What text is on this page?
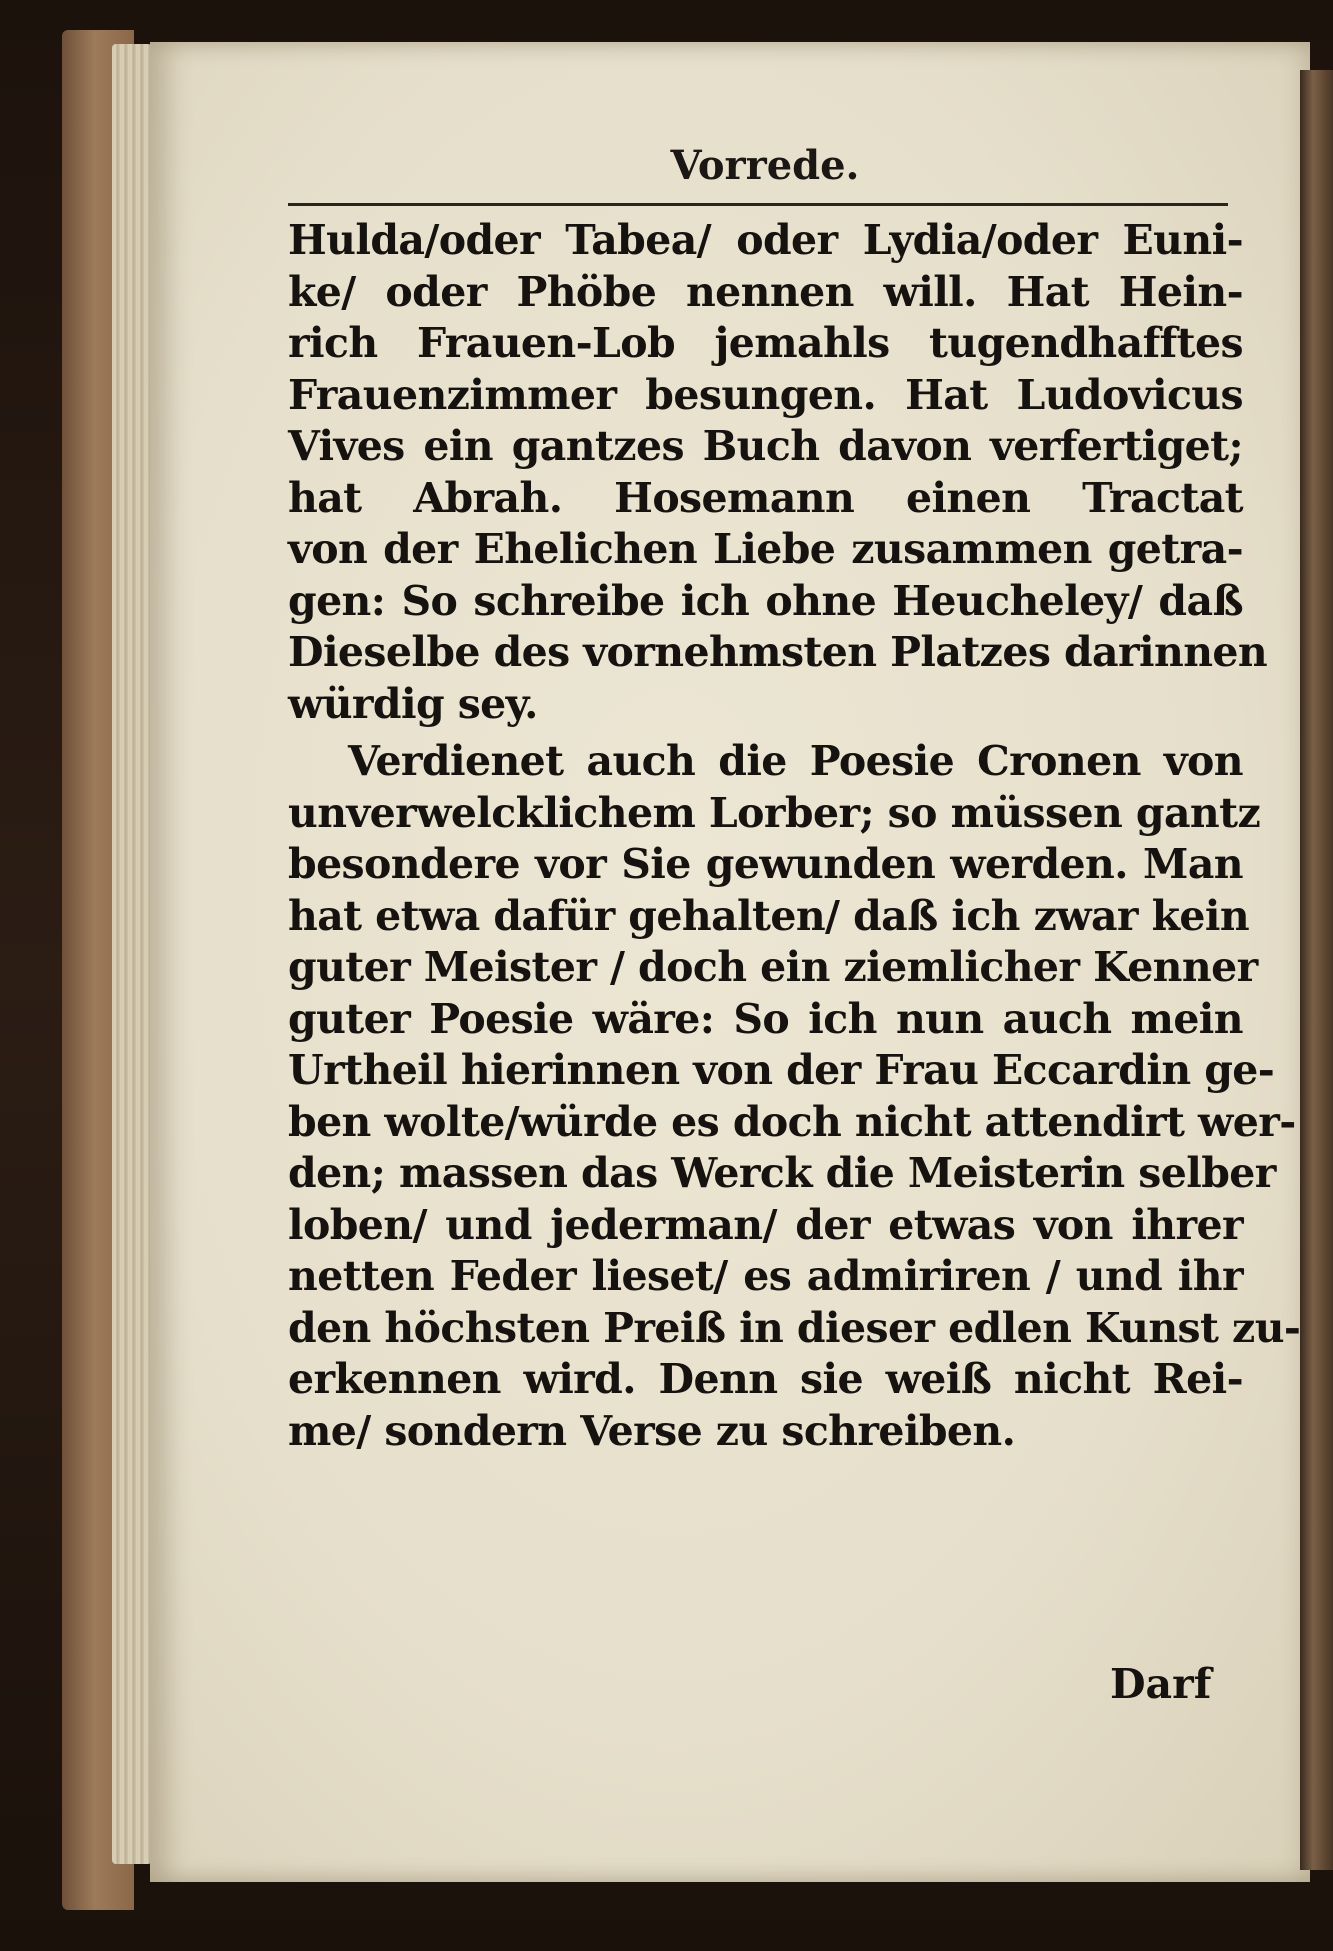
Vorrede.
Hulda/oder Tabea/ oder Lydia/oder Euni-
ke/ oder Phöbe nennen will. Hat Hein-
rich Frauen-Lob jemahls tugendhafftes
Frauenzimmer besungen. Hat Ludovicus
Vives ein gantzes Buch davon verfertiget;
hat Abrah. Hosemann einen Tractat
von der Ehelichen Liebe zusammen getra-
gen: So schreibe ich ohne Heucheley/ daß
Dieselbe des vornehmsten Platzes darinnen
würdig sey.
Verdienet auch die Poesie Cronen von
unverwelcklichem Lorber; so müssen gantz
besondere vor Sie gewunden werden. Man
hat etwa dafür gehalten/ daß ich zwar kein
guter Meister / doch ein ziemlicher Kenner
guter Poesie wäre: So ich nun auch mein
Urtheil hierinnen von der Frau Eccardin ge-
ben wolte/würde es doch nicht attendirt wer-
den; massen das Werck die Meisterin selber
loben/ und jederman/ der etwas von ihrer
netten Feder lieset/ es admiriren / und ihr
den höchsten Preiß in dieser edlen Kunst zu-
erkennen wird. Denn sie weiß nicht Rei-
me/ sondern Verse zu schreiben.
Darf
